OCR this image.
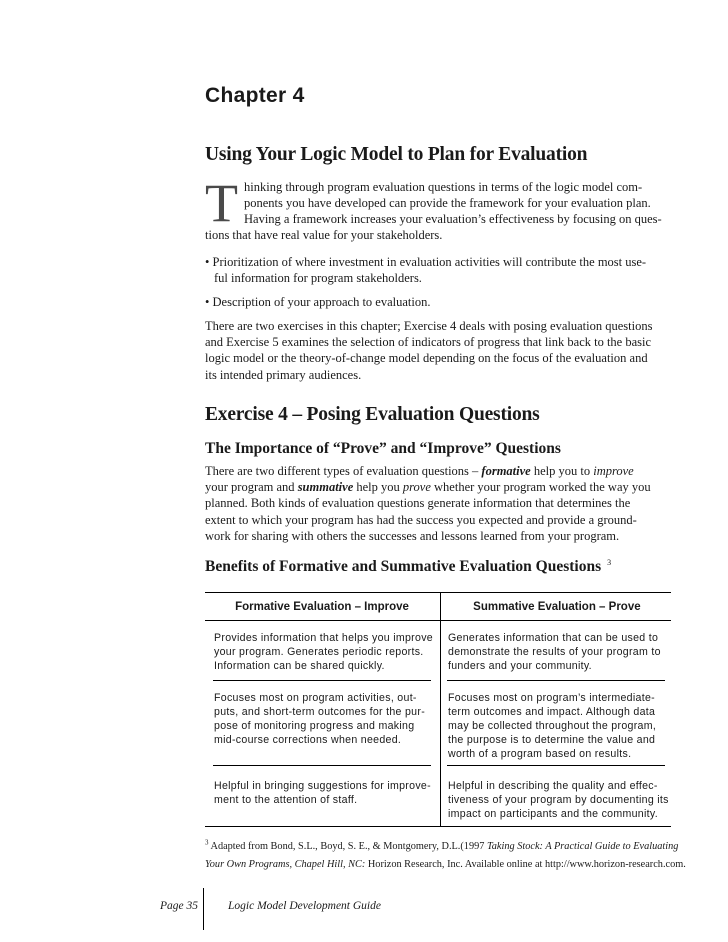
Chapter 4
Using Your Logic Model to Plan for Evaluation
T hinking through program evaluation questions in terms of the logic model com-
ponents you have developed can provide the framework for your evaluation plan.
Having a framework increases your evaluation’s effectiveness by focusing on ques-
tions that have real value for your stakeholders.
• Prioritization of where investment in evaluation activities will contribute the most use-
ful information for program stakeholders.
• Description of your approach to evaluation.
There are two exercises in this chapter; Exercise 4 deals with posing evaluation questions
and Exercise 5 examines the selection of indicators of progress that link back to the basic
logic model or the theory-of-change model depending on the focus of the evaluation and
its intended primary audiences.
Exercise 4 – Posing Evaluation Questions
The Importance of “Prove” and “Improve” Questions
There are two different types of evaluation questions – formative help you to improve
your program and summative help you prove whether your program worked the way you
planned. Both kinds of evaluation questions generate information that determines the
extent to which your program has had the success you expected and provide a ground-
work for sharing with others the successes and lessons learned from your program.
Benefits of Formative and Summative Evaluation Questions $^3$
Formative Evaluation – Improve	Summative Evaluation – Prove

Provides information that helps you improve
your program. Generates periodic reports.
Information can be shared quickly.	Generates information that can be used to
demonstrate the results of your program to
funders and your community.

Focuses most on program activities, out-
puts, and short-term outcomes for the pur-
pose of monitoring progress and making
mid-course corrections when needed.	Focuses most on program’s intermediate-
term outcomes and impact. Although data
may be collected throughout the program,
the purpose is to determine the value and
worth of a program based on results.

Helpful in bringing suggestions for improve-
ment to the attention of staff.	Helpful in describing the quality and effec-
tiveness of your program by documenting its
impact on participants and the community.
$^3$ Adapted from Bond, S.L., Boyd, S. E., & Montgomery, D.L.(1997 Taking Stock: A Practical Guide to Evaluating
Your Own Programs, Chapel Hill, NC: Horizon Research, Inc. Available online at http://www.horizon-research.com.
Page 35	Logic Model Development Guide
